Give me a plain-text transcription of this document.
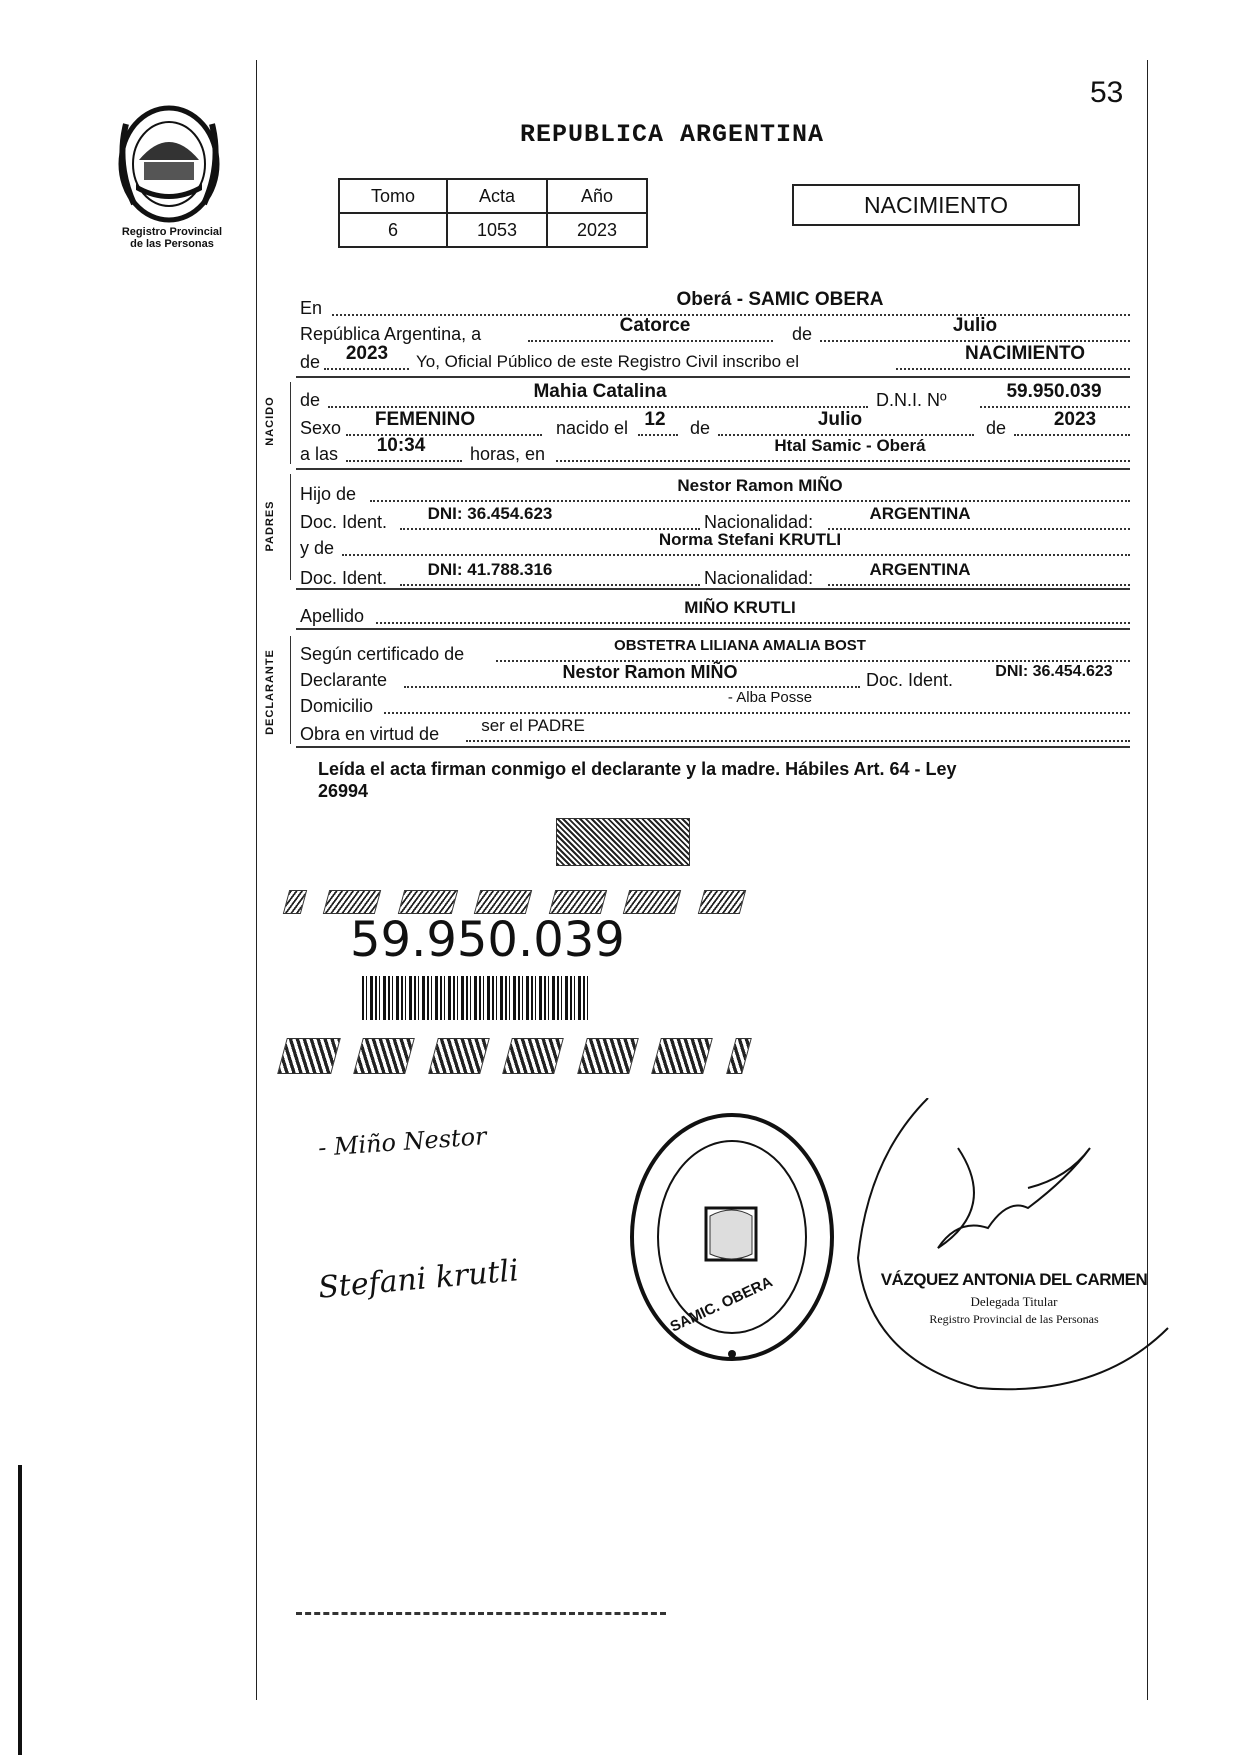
53
Registro Provincial
de las Personas
REPUBLICA ARGENTINA
Tomo	Acta	Año
6	1053	2023
NACIMIENTO
En	Oberá - SAMIC OBERA
República Argentina, a	Catorce	de	Julio
de	2023	Yo, Oficial Público de este Registro Civil inscribo el	NACIMIENTO
NACIDO de	Mahia Catalina	D.N.I. Nº	59.950.039
Sexo	FEMENINO	nacido el 12 de	Julio	de	2023
a las	10:34	horas, en	Htal Samic - Oberá
PADRES
Hijo de	Nestor Ramon MIÑO
Doc. Ident.	DNI: 36.454.623	Nacionalidad:	ARGENTINA
y de	Norma Stefani KRUTLI
Doc. Ident.	DNI: 41.788.316	Nacionalidad:	ARGENTINA
Apellido	MIÑO KRUTLI
DECLARANTE Según certificado de	OBSTETRA LILIANA AMALIA BOST
Declarante	Nestor Ramon MIÑO	Doc. Ident.	DNI: 36.454.623
Domicilio	- Alba Posse
Obra en virtud de	ser el PADRE
Leída el acta firman conmigo el declarante y la madre. Hábiles Art. 64 - Ley
26994

59.950.039

- Miño Nestor
Stefani krutli	SAMIC. OBERA	VÁZQUEZ ANTONIA DEL CARMEN
Delegada Titular
Registro Provincial de las Personas
